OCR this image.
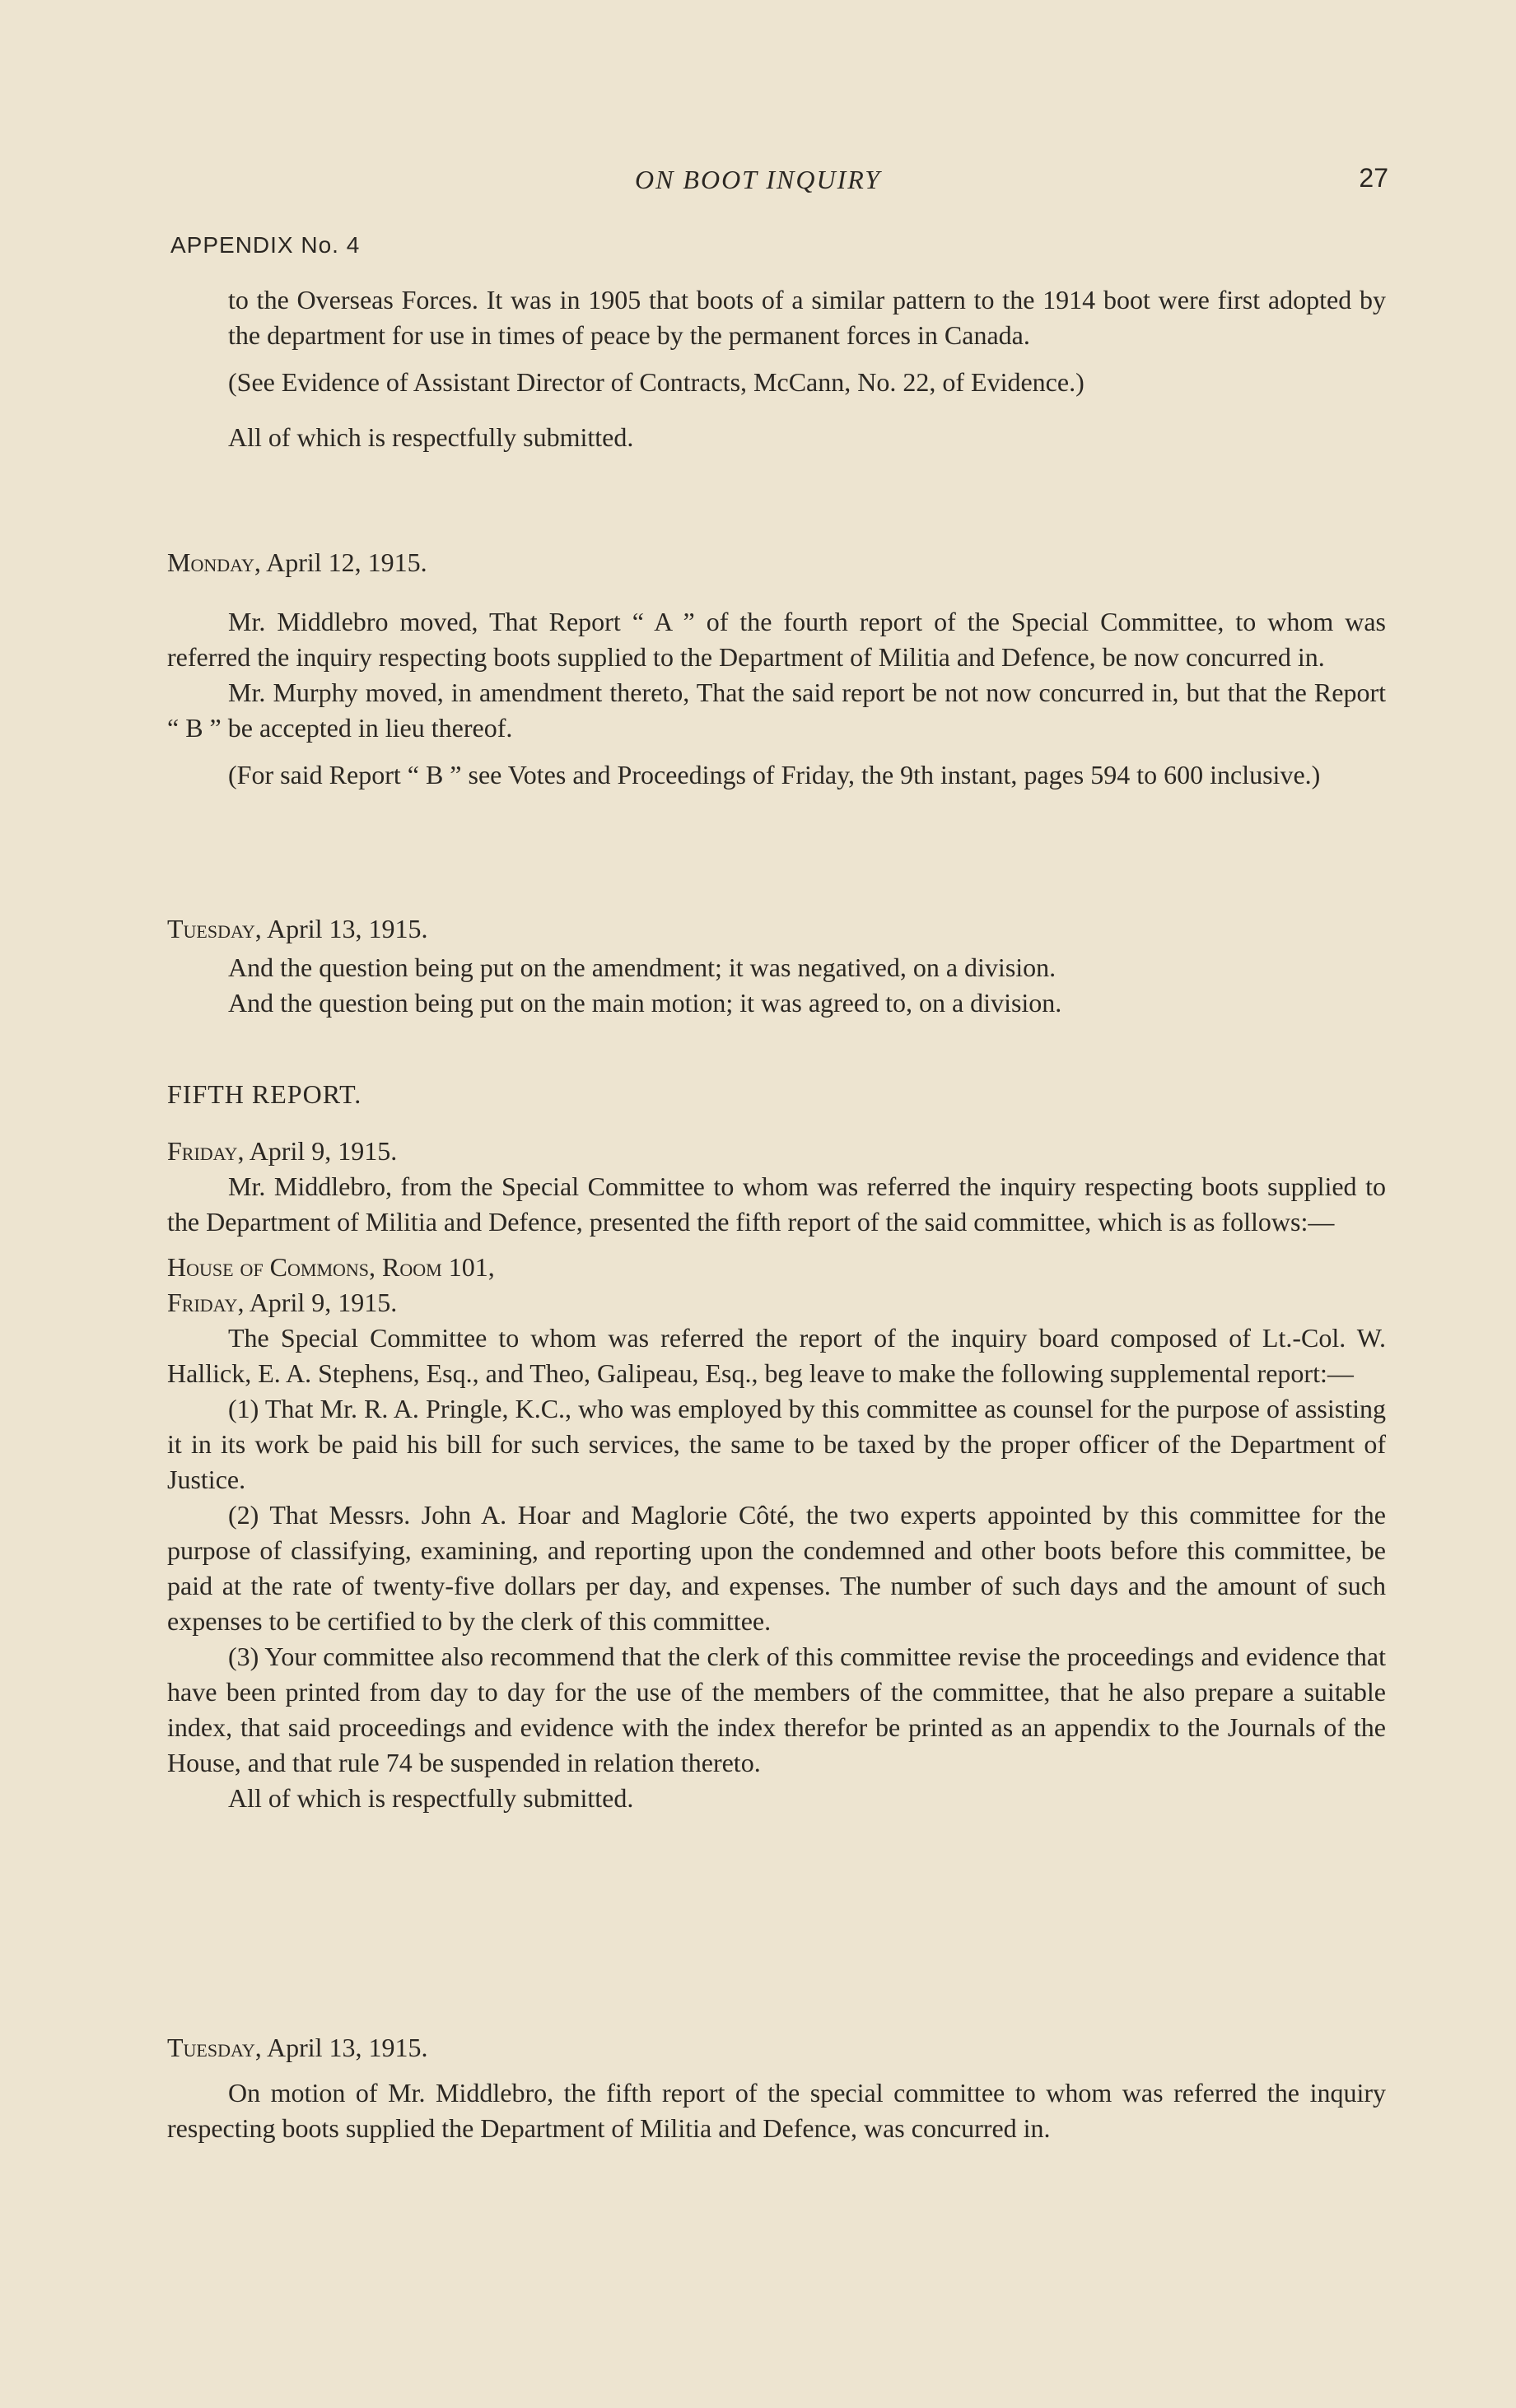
ON BOOT INQUIRY	27
APPENDIX No. 4

to the Overseas Forces. It was in 1905 that boots of a similar pattern to the 1914 boot were first adopted by the department for use in times of peace by the permanent forces in Canada.

(See Evidence of Assistant Director of Contracts, McCann, No. 22, of Evidence.)

All of which is respectfully submitted.

Monday, April 12, 1915.

Mr. Middlebro moved, That Report “ A ” of the fourth report of the Special Committee, to whom was referred the inquiry respecting boots supplied to the Department of Militia and Defence, be now concurred in.

Mr. Murphy moved, in amendment thereto, That the said report be not now concurred in, but that the Report “ B ” be accepted in lieu thereof.

(For said Report “ B ” see Votes and Proceedings of Friday, the 9th instant, pages 594 to 600 inclusive.)

Tuesday, April 13, 1915.

And the question being put on the amendment; it was negatived, on a division.

And the question being put on the main motion; it was agreed to, on a division.

FIFTH REPORT.

Friday, April 9, 1915.

Mr. Middlebro, from the Special Committee to whom was referred the inquiry respecting boots supplied to the Department of Militia and Defence, presented the fifth report of the said committee, which is as follows:—

House of Commons, Room 101,

Friday, April 9, 1915.

The Special Committee to whom was referred the report of the inquiry board composed of Lt.-Col. W. Hallick, E. A. Stephens, Esq., and Theo, Galipeau, Esq., beg leave to make the following supplemental report:—

(1) That Mr. R. A. Pringle, K.C., who was employed by this committee as counsel for the purpose of assisting it in its work be paid his bill for such services, the same to be taxed by the proper officer of the Department of Justice.

(2) That Messrs. John A. Hoar and Maglorie Côté, the two experts appointed by this committee for the purpose of classifying, examining, and reporting upon the condemned and other boots before this committee, be paid at the rate of twenty-five dollars per day, and expenses. The number of such days and the amount of such expenses to be certified to by the clerk of this committee.

(3) Your committee also recommend that the clerk of this committee revise the proceedings and evidence that have been printed from day to day for the use of the members of the committee, that he also prepare a suitable index, that said proceedings and evidence with the index therefor be printed as an appendix to the Journals of the House, and that rule 74 be suspended in relation thereto.

All of which is respectfully submitted.

Tuesday, April 13, 1915.

On motion of Mr. Middlebro, the fifth report of the special committee to whom was referred the inquiry respecting boots supplied the Department of Militia and Defence, was concurred in.
